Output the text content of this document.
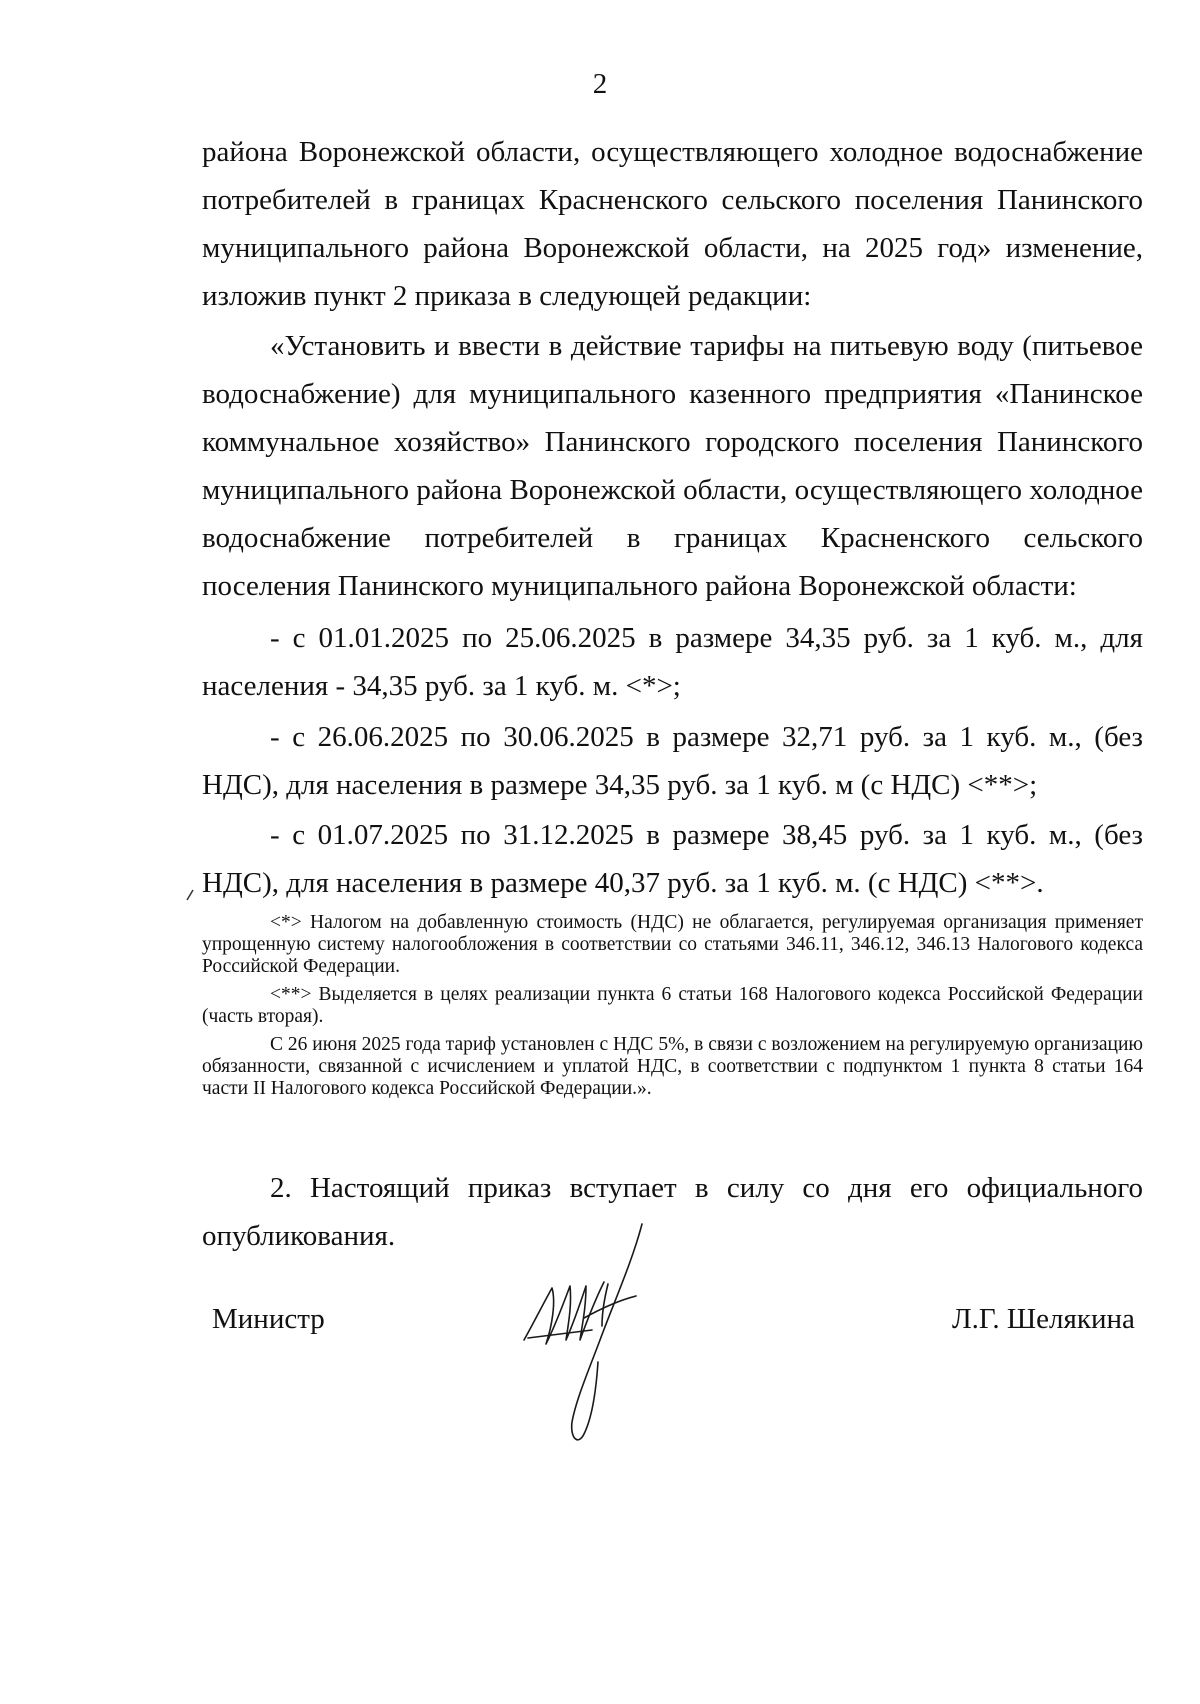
2

района Воронежской области, осуществляющего холодное водоснабжение потребителей в границах Красненского сельского поселения Панинского муниципального района Воронежской области, на 2025 год» изменение, изложив пункт 2 приказа в следующей редакции:

«Установить и ввести в действие тарифы на питьевую воду (питьевое водоснабжение) для муниципального казенного предприятия «Панинское коммунальное хозяйство» Панинского городского поселения Панинского муниципального района Воронежской области, осуществляющего холодное водоснабжение потребителей в границах Красненского сельского поселения Панинского муниципального района Воронежской области:

- с 01.01.2025 по 25.06.2025 в размере 34,35 руб. за 1 куб. м., для населения - 34,35 руб. за 1 куб. м. <*>;

- с 26.06.2025 по 30.06.2025 в размере 32,71 руб. за 1 куб. м., (без НДС), для населения в размере 34,35 руб. за 1 куб. м (с НДС) <**>;

- с 01.07.2025 по 31.12.2025 в размере 38,45 руб. за 1 куб. м., (без НДС), для населения в размере 40,37 руб. за 1 куб. м. (с НДС) <**>.

<*> Налогом на добавленную стоимость (НДС) не облагается, регулируемая организация применяет упрощенную систему налогообложения в соответствии со статьями 346.11, 346.12, 346.13 Налогового кодекса Российской Федерации.

<**> Выделяется в целях реализации пункта 6 статьи 168 Налогового кодекса Российской Федерации (часть вторая).

С 26 июня 2025 года тариф установлен с НДС 5%, в связи с возложением на регулируемую организацию обязанности, связанной с исчислением и уплатой НДС, в соответствии с подпунктом 1 пункта 8 статьи 164 части II Налогового кодекса Российской Федерации.».

2. Настоящий приказ вступает в силу со дня его официального опубликования.

Министр	Л.Г. Шелякина
